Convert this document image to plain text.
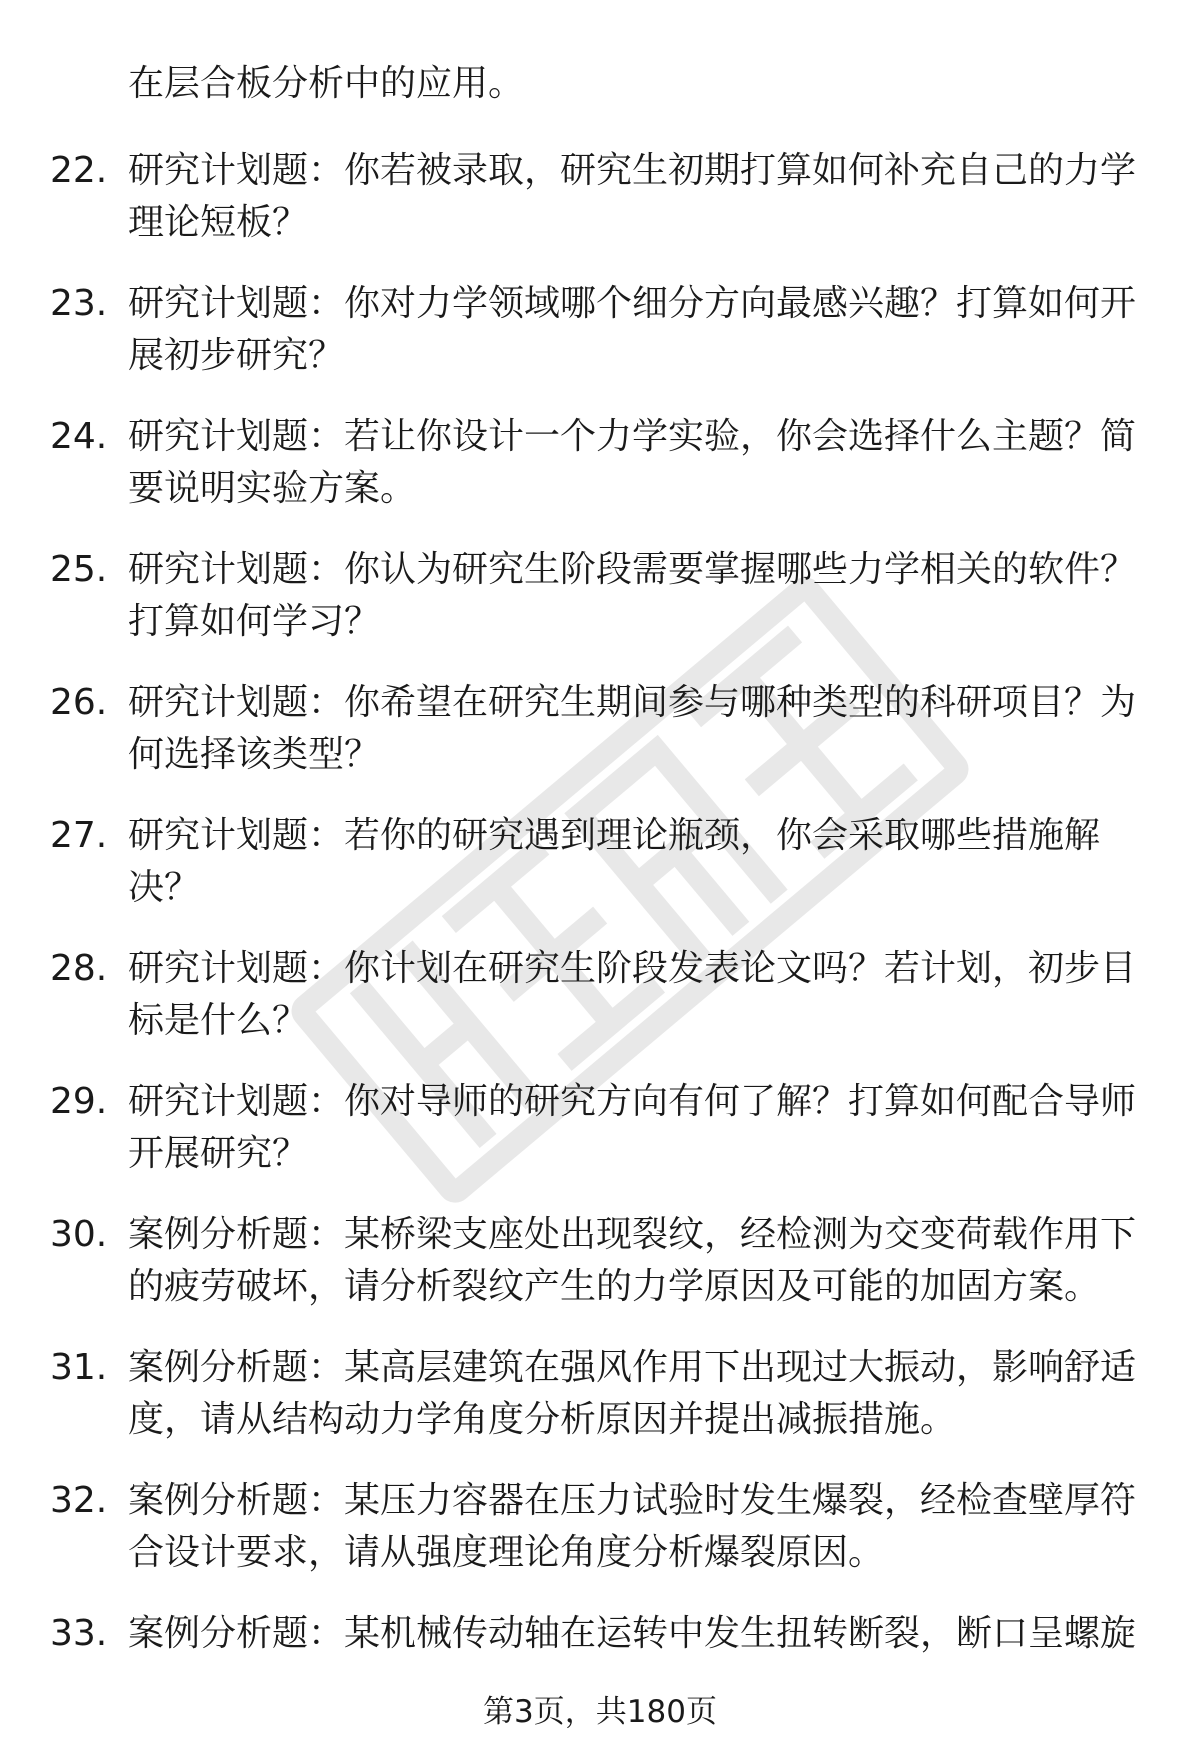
在层合板分析中的应用。
22. 研究计划题：你若被录取，研究生初期打算如何补充自己的力学
理论短板？
23. 研究计划题：你对力学领域哪个细分方向最感兴趣？打算如何开
展初步研究？
24. 研究计划题：若让你设计一个力学实验，你会选择什么主题？简
要说明实验方案。
25. 研究计划题：你认为研究生阶段需要掌握哪些力学相关的软件？
打算如何学习？
26. 研究计划题：你希望在研究生期间参与哪种类型的科研项目？为
何选择该类型？
27. 研究计划题：若你的研究遇到理论瓶颈，你会采取哪些措施解
决？
28. 研究计划题：你计划在研究生阶段发表论文吗？若计划，初步目
标是什么？
29. 研究计划题：你对导师的研究方向有何了解？打算如何配合导师
开展研究？
30. 案例分析题：某桥梁支座处出现裂纹，经检测为交变荷载作用下
的疲劳破坏，请分析裂纹产生的力学原因及可能的加固方案。
31. 案例分析题：某高层建筑在强风作用下出现过大振动，影响舒适
度，请从结构动力学角度分析原因并提出减振措施。
32. 案例分析题：某压力容器在压力试验时发生爆裂，经检查壁厚符
合设计要求，请从强度理论角度分析爆裂原因。
33. 案例分析题：某机械传动轴在运转中发生扭转断裂，断口呈螺旋
第3页，共180页
